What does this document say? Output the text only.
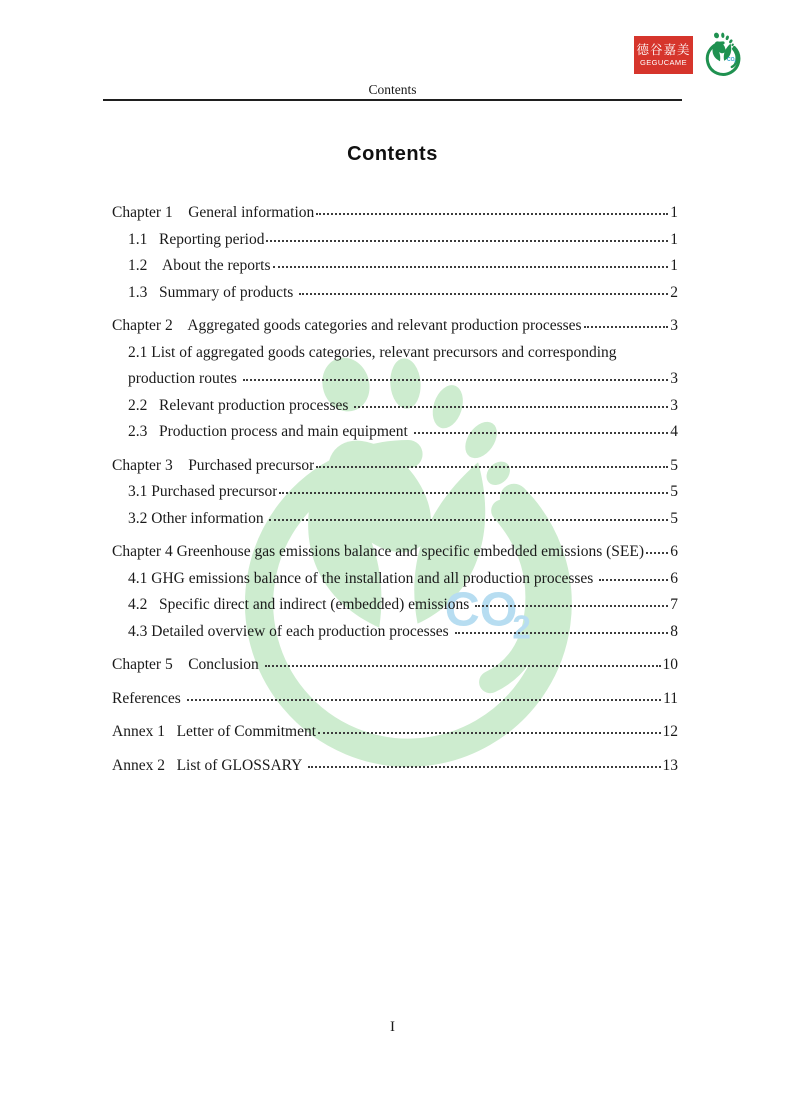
CO
2
Contents
德谷嘉美
GEGUCAME CO 2
Contents
Chapter 1    General information	1
1.1   Reporting period	1
1.2    About the reports	1
1.3   Summary of products	2
Chapter 2    Aggregated goods categories and relevant production processes	3
2.1 List of aggregated goods categories, relevant precursors and corresponding
production routes	3
2.2   Relevant production processes	3
2.3   Production process and main equipment	4
Chapter 3    Purchased precursor	5
3.1 Purchased precursor	5
3.2 Other information	5
Chapter 4 Greenhouse gas emissions balance and specific embedded emissions (SEE) 6
4.1 GHG emissions balance of the installation and all production processes	6
4.2   Specific direct and indirect (embedded) emissions	7
4.3 Detailed overview of each production processes	8
Chapter 5    Conclusion	10
References	11
Annex 1   Letter of Commitment	12
Annex 2   List of GLOSSARY	13
I
